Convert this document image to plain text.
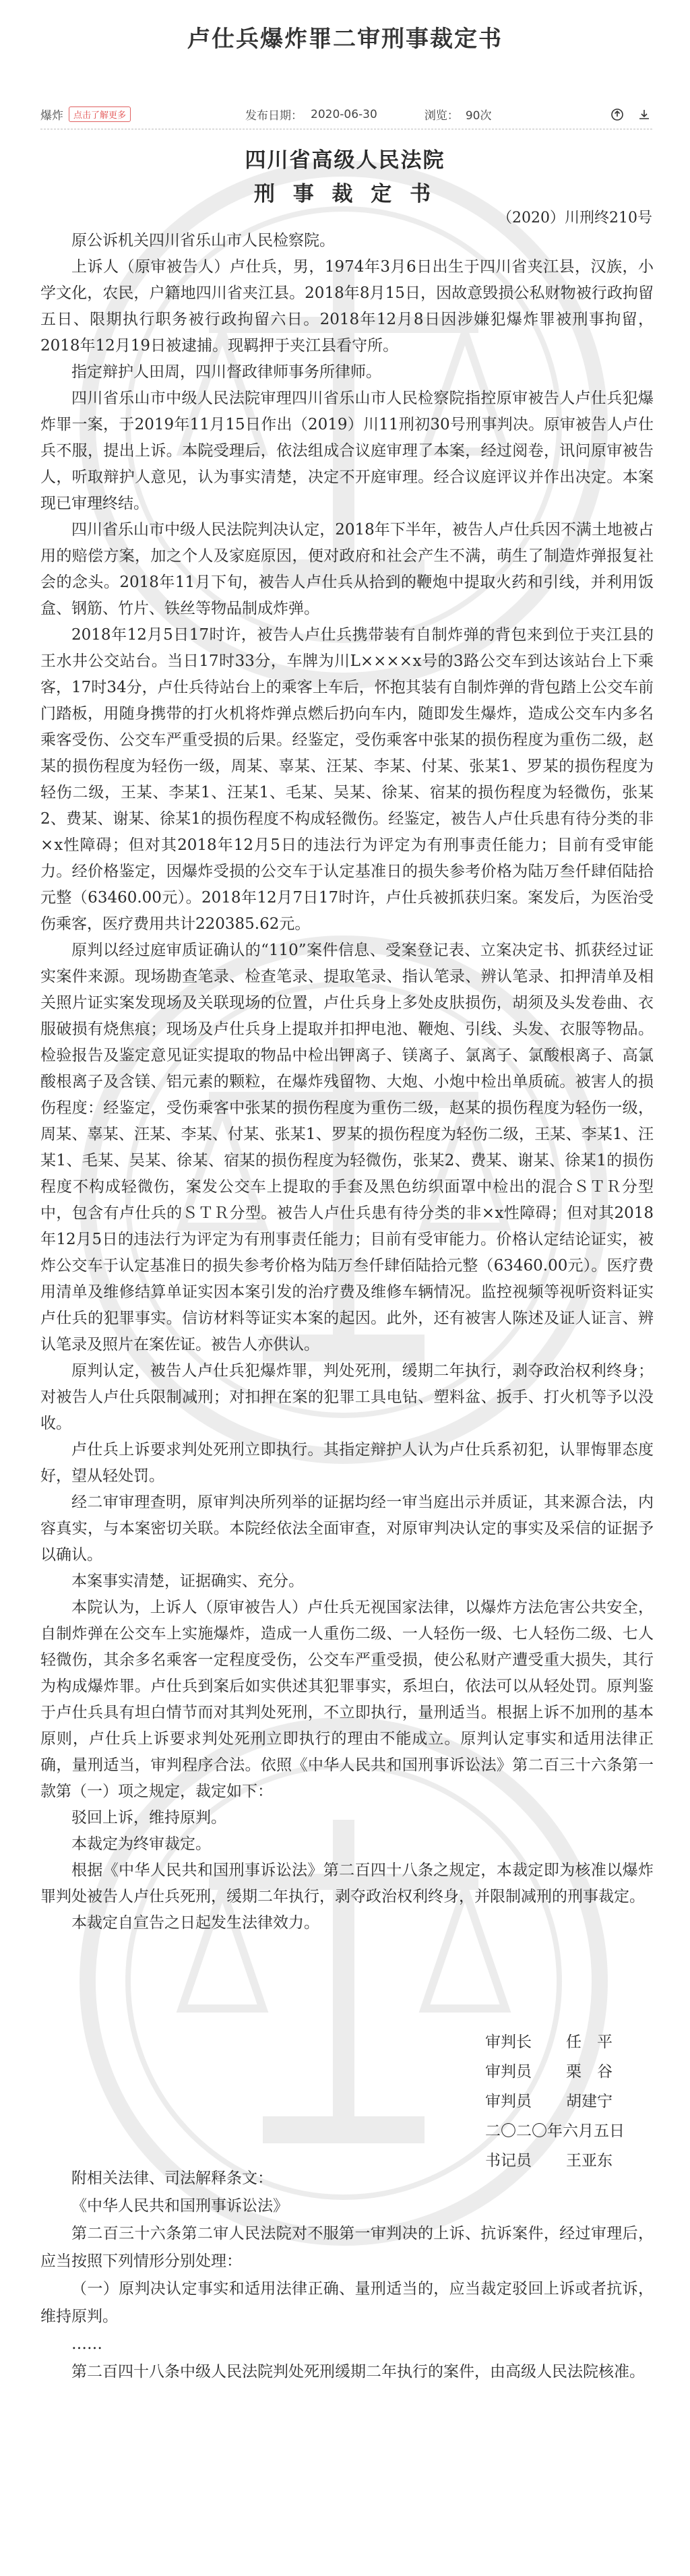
卢仕兵爆炸罪二审刑事裁定书
爆炸	点击了解更多	发布日期： 2020-06-30	浏览： 90次
四川省高级人民法院
刑 事 裁 定 书
（2020）川刑终210号

原公诉机关四川省乐山市人民检察院。

上诉人（原审被告人）卢仕兵，男，1974年3月6日出生于四川省夹江县，汉族，小学文化，农民，户籍地四川省夹江县。2018年8月15日，因故意毁损公私财物被行政拘留五日、限期执行职务被行政拘留六日。2018年12月8日因涉嫌犯爆炸罪被刑事拘留，2018年12月19日被逮捕。现羁押于夹江县看守所。

指定辩护人田周，四川督政律师事务所律师。

四川省乐山市中级人民法院审理四川省乐山市人民检察院指控原审被告人卢仕兵犯爆炸罪一案，于2019年11月15日作出（2019）川11刑初30号刑事判决。原审被告人卢仕兵不服，提出上诉。本院受理后，依法组成合议庭审理了本案，经过阅卷，讯问原审被告人，听取辩护人意见，认为事实清楚，决定不开庭审理。经合议庭评议并作出决定。本案现已审理终结。

四川省乐山市中级人民法院判决认定，2018年下半年，被告人卢仕兵因不满土地被占用的赔偿方案，加之个人及家庭原因，便对政府和社会产生不满，萌生了制造炸弹报复社会的念头。2018年11月下旬，被告人卢仕兵从拾到的鞭炮中提取火药和引线，并利用饭盒、钢筋、竹片、铁丝等物品制成炸弹。

2018年12月5日17时许，被告人卢仕兵携带装有自制炸弹的背包来到位于夹江县的王水井公交站台。当日17时33分，车牌为川L××××ⅹ号的3路公交车到达该站台上下乘客，17时34分，卢仕兵待站台上的乘客上车后，怀抱其装有自制炸弹的背包踏上公交车前门踏板，用随身携带的打火机将炸弹点燃后扔向车内，随即发生爆炸，造成公交车内多名乘客受伤、公交车严重受损的后果。经鉴定，受伤乘客中张某的损伤程度为重伤二级，赵某的损伤程度为轻伤一级，周某、辜某、汪某、李某、付某、张某1、罗某的损伤程度为轻伤二级，王某、李某1、汪某1、毛某、吴某、徐某、宿某的损伤程度为轻微伤，张某2、费某、谢某、徐某1的损伤程度不构成轻微伤。经鉴定，被告人卢仕兵患有待分类的非×ⅹ性障碍；但对其2018年12月5日的违法行为评定为有刑事责任能力；目前有受审能力。经价格鉴定，因爆炸受损的公交车于认定基准日的损失参考价格为陆万叁仟肆佰陆拾元整（63460.00元）。2018年12月7日17时许，卢仕兵被抓获归案。案发后，为医治受伤乘客，医疗费用共计220385.62元。

原判以经过庭审质证确认的“110”案件信息、受案登记表、立案决定书、抓获经过证实案件来源。现场勘查笔录、检查笔录、提取笔录、指认笔录、辨认笔录、扣押清单及相关照片证实案发现场及关联现场的位置，卢仕兵身上多处皮肤损伤，胡须及头发卷曲、衣服破损有烧焦痕；现场及卢仕兵身上提取并扣押电池、鞭炮、引线、头发、衣服等物品。检验报告及鉴定意见证实提取的物品中检出钾离子、镁离子、氯离子、氯酸根离子、高氯酸根离子及含镁、铝元素的颗粒，在爆炸残留物、大炮、小炮中检出单质硫。被害人的损伤程度：经鉴定，受伤乘客中张某的损伤程度为重伤二级，赵某的损伤程度为轻伤一级，周某、辜某、汪某、李某、付某、张某1、罗某的损伤程度为轻伤二级，王某、李某1、汪某1、毛某、吴某、徐某、宿某的损伤程度为轻微伤，张某2、费某、谢某、徐某1的损伤程度不构成轻微伤，案发公交车上提取的手套及黑色纺织面罩中检出的混合ＳＴＲ分型中，包含有卢仕兵的ＳＴＲ分型。被告人卢仕兵患有待分类的非×ⅹ性障碍；但对其2018年12月5日的违法行为评定为有刑事责任能力；目前有受审能力。价格认定结论证实，被炸公交车于认定基准日的损失参考价格为陆万叁仟肆佰陆拾元整（63460.00元）。医疗费用清单及维修结算单证实因本案引发的治疗费及维修车辆情况。监控视频等视听资料证实卢仕兵的犯罪事实。信访材料等证实本案的起因。此外，还有被害人陈述及证人证言、辨认笔录及照片在案佐证。被告人亦供认。

原判认定，被告人卢仕兵犯爆炸罪，判处死刑，缓期二年执行，剥夺政治权利终身；对被告人卢仕兵限制减刑；对扣押在案的犯罪工具电钻、塑料盆、扳手、打火机等予以没收。

卢仕兵上诉要求判处死刑立即执行。其指定辩护人认为卢仕兵系初犯，认罪悔罪态度好，望从轻处罚。

经二审审理查明，原审判决所列举的证据均经一审当庭出示并质证，其来源合法，内容真实，与本案密切关联。本院经依法全面审查，对原审判决认定的事实及采信的证据予以确认。

本案事实清楚，证据确实、充分。

本院认为，上诉人（原审被告人）卢仕兵无视国家法律，以爆炸方法危害公共安全，自制炸弹在公交车上实施爆炸，造成一人重伤二级、一人轻伤一级、七人轻伤二级、七人轻微伤，其余多名乘客一定程度受伤，公交车严重受损，使公私财产遭受重大损失，其行为构成爆炸罪。卢仕兵到案后如实供述其犯罪事实，系坦白，依法可以从轻处罚。原判鉴于卢仕兵具有坦白情节而对其判处死刑，不立即执行，量刑适当。根据上诉不加刑的基本原则，卢仕兵上诉要求判处死刑立即执行的理由不能成立。原判认定事实和适用法律正确，量刑适当，审判程序合法。依照《中华人民共和国刑事诉讼法》第二百三十六条第一款第（一）项之规定，裁定如下：

驳回上诉，维持原判。

本裁定为终审裁定。

根据《中华人民共和国刑事诉讼法》第二百四十八条之规定，本裁定即为核准以爆炸罪判处被告人卢仕兵死刑，缓期二年执行，剥夺政治权利终身，并限制减刑的刑事裁定。

本裁定自宣告之日起发生法律效力。

审判长	任　平
审判员	栗　谷
审判员	胡建宁
二〇二〇年六月五日
书记员	王亚东

附相关法律、司法解释条文：

《中华人民共和国刑事诉讼法》

第二百三十六条第二审人民法院对不服第一审判决的上诉、抗诉案件，经过审理后，应当按照下列情形分别处理：

（一）原判决认定事实和适用法律正确、量刑适当的，应当裁定驳回上诉或者抗诉，维持原判。

……

第二百四十八条中级人民法院判处死刑缓期二年执行的案件，由高级人民法院核准。
